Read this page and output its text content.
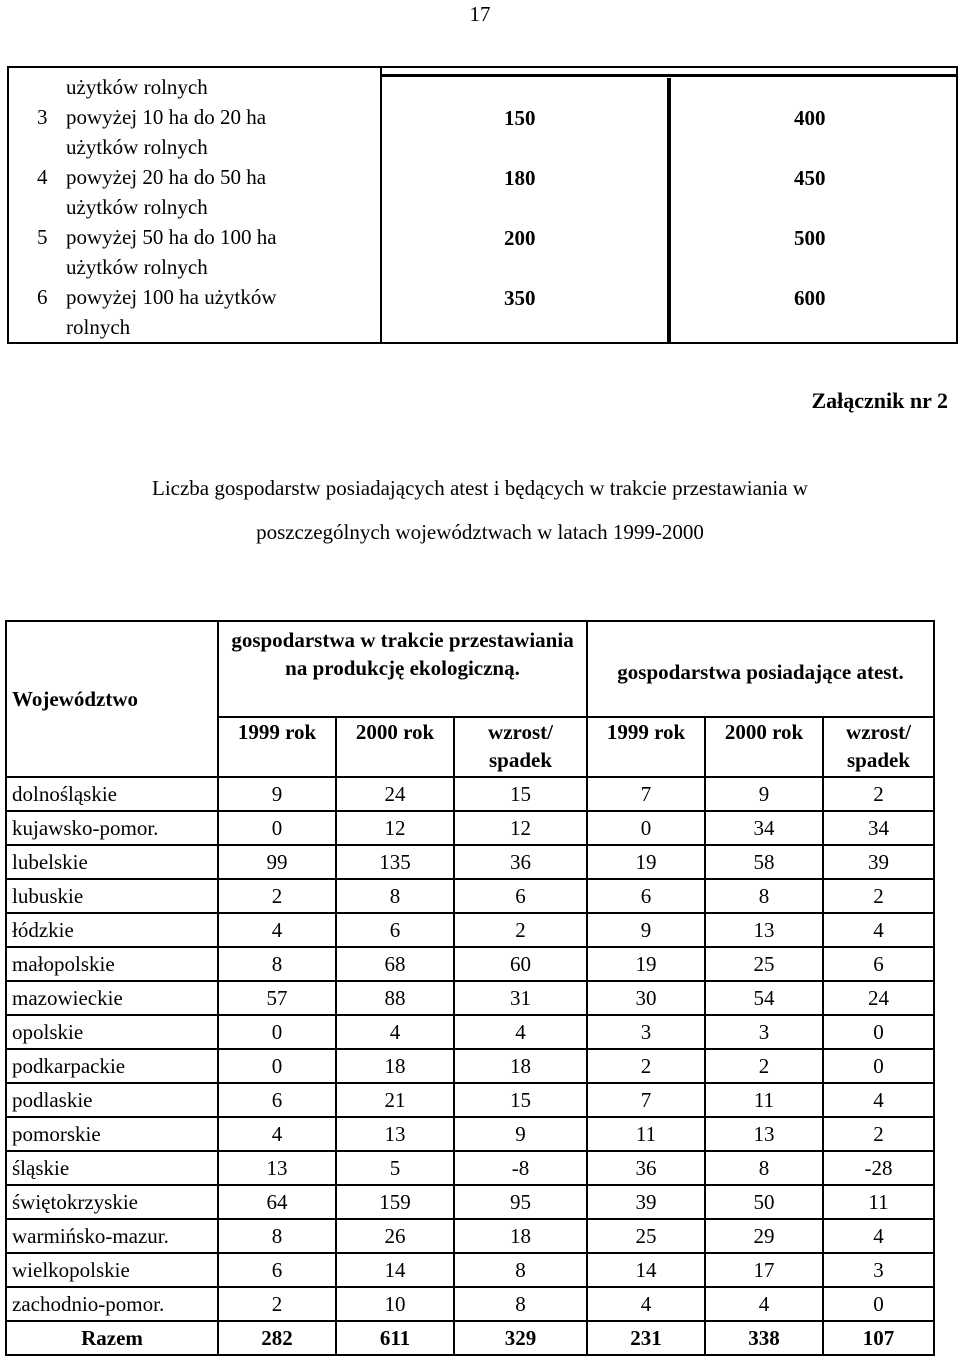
17
użytków rolnych
3 powyżej 10 ha do 20 ha
użytków rolnych
150	400
4 powyżej 20 ha do 50 ha
użytków rolnych
180	450
5 powyżej 50 ha do 100 ha
użytków rolnych
200	500
6 powyżej 100 ha użytków
rolnych
350	600
Załącznik nr 2
Liczba gospodarstw posiadających atest i będących w trakcie przestawiania w
poszczególnych województwach w latach 1999-2000
Województwo	gospodarstwa w trakcie przestawiania na produkcję ekologiczną.			gospodarstwa posiadające atest.		
	1999 rok	2000 rok	wzrost/ spadek	1999 rok	2000 rok	wzrost/ spadek
dolnośląskie	9	24	15	7	9	2
kujawsko-pomor.	0	12	12	0	34	34
lubelskie	99	135	36	19	58	39
lubuskie	2	8	6	6	8	2
łódzkie	4	6	2	9	13	4
małopolskie	8	68	60	19	25	6
mazowieckie	57	88	31	30	54	24
opolskie	0	4	4	3	3	0
podkarpackie	0	18	18	2	2	0
podlaskie	6	21	15	7	11	4
pomorskie	4	13	9	11	13	2
śląskie	13	5	-8	36	8	-28
świętokrzyskie	64	159	95	39	50	11
warmińsko-mazur.	8	26	18	25	29	4
wielkopolskie	6	14	8	14	17	3
zachodnio-pomor.	2	10	8	4	4	0
Razem	282	611	329	231	338	107
